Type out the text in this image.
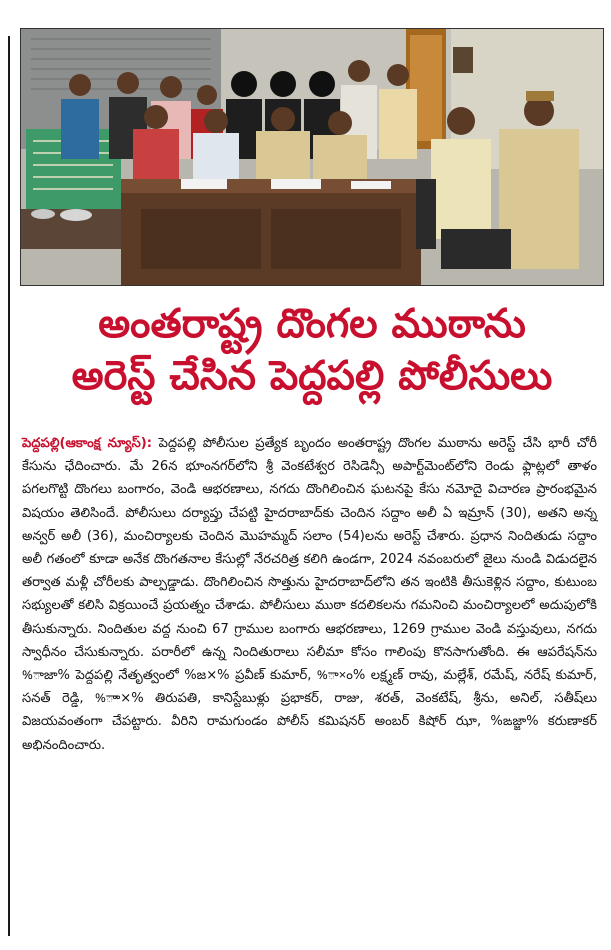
అంతరాష్ట్ర దొంగల ముఠాను
అరెస్ట్ చేసిన పెద్దపల్లి పోలీసులు
పెద్దపల్లి(ఆకాంక్ష న్యూస్): పెద్దపల్లి పోలీసుల ప్రత్యేక బృందం అంతరాష్ట్ర దొంగల ముఠాను అరెస్ట్ చేసి భారీ చోరీ కేసును ఛేదించారు. మే 26న భూంనగర్‌లోని శ్రీ వెంకటేశ్వర రెసిడెన్సీ అపార్ట్‌మెంట్‌లోని రెండు ఫ్లాట్లలో తాళం పగలగొట్టి దొంగలు బంగారం, వెండి ఆభరణాలు, నగదు దొంగిలించిన ఘటనపై కేసు నమోదై విచారణ ప్రారంభమైన విషయం తెలిసిందే. పోలీసులు దర్యాప్తు చేపట్టి హైదరాబాద్‌కు చెందిన సద్దాం అలీ ఏ ఇమ్రాన్ (30), అతని అన్న అన్వర్ అలీ (36), మంచిర్యాలకు చెందిన మొహమ్మద్ సలాం (54)లను అరెస్ట్ చేశారు. ప్రధాన నిందితుడు సద్దాం అలీ గతంలో కూడా అనేక దొంగతనాల కేసుల్లో నేరచరిత్ర కలిగి ఉండగా, 2024 నవంబరులో జైలు నుండి విడుదలైన తర్వాత మళ్లీ చోరీలకు పాల్పడ్డాడు. దొంగిలించిన సొత్తును హైదరాబాద్‌లోని తన ఇంటికి తీసుకెళ్లిన సద్దాం, కుటుంబ సభ్యులతో కలిసి విక్రయించే ప్రయత్నం చేశాడు. పోలీసులు ముఠా కదలికలను గమనించి మంచిర్యాలలో అదుపులోకి తీసుకున్నారు. నిందితుల వద్ద నుంచి 67 గ్రాముల బంగారు ఆభరణాలు, 1269 గ్రాముల వెండి వస్తువులు, నగదు స్వాధీనం చేసుకున్నారు. పరారీలో ఉన్న నిందితురాలు సలీమా కోసం గాలింపు కొనసాగుతోంది. ఈ ఆపరేషన్‌ను %ాజా% పెద్దపల్లి నేతృత్వంలో %జ×% ప్రవీణ్ కుమార్, %ా×ం% లక్ష్మణ్ రావు, మల్లేశ్, రమేష్, నరేష్ కుమార్, సనత్ రెడ్డి, %ాా×% తిరుపతి, కానిస్టేబుళ్లు ప్రభాకర్, రాజు, శరత్, వెంకటేష్, శ్రీను, అనిల్, సతీష్‌లు విజయవంతంగా చేపట్టారు. వీరిని రామగుండం పోలీస్ కమిషనర్ అంబర్ కిషోర్ ఝా, %ఙజ్జా% కరుణాకర్ అభినందించారు.
